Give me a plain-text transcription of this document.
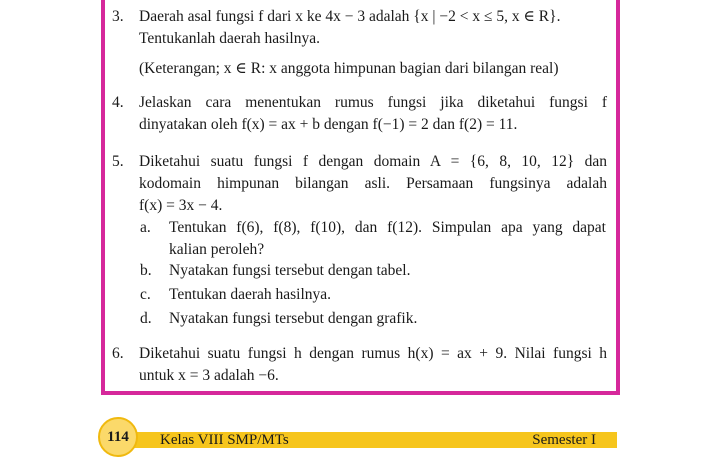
3. Daerah asal fungsi f dari x ke 4x − 3 adalah {x | −2 < x ≤ 5, x ∈ R}.
Tentukanlah daerah hasilnya.
(Keterangan; x ∈ R: x anggota himpunan bagian dari bilangan real)
4. Jelaskan cara menentukan rumus fungsi jika diketahui fungsi f
dinyatakan oleh f(x) = ax + b dengan f(−1) = 2 dan f(2) = 11.
5. Diketahui suatu fungsi f dengan domain A = {6, 8, 10, 12} dan
kodomain himpunan bilangan asli. Persamaan fungsinya adalah
f(x) = 3x − 4.
a.	Tentukan f(6), f(8), f(10), dan f(12). Simpulan apa yang dapat
kalian peroleh?
b.	Nyatakan fungsi tersebut dengan tabel.
c.	Tentukan daerah hasilnya.
d.	Nyatakan fungsi tersebut dengan grafik.
6. Diketahui suatu fungsi h dengan rumus h(x) = ax + 9. Nilai fungsi h
untuk x = 3 adalah −6.
114	Kelas VIII SMP/MTs	Semester I
